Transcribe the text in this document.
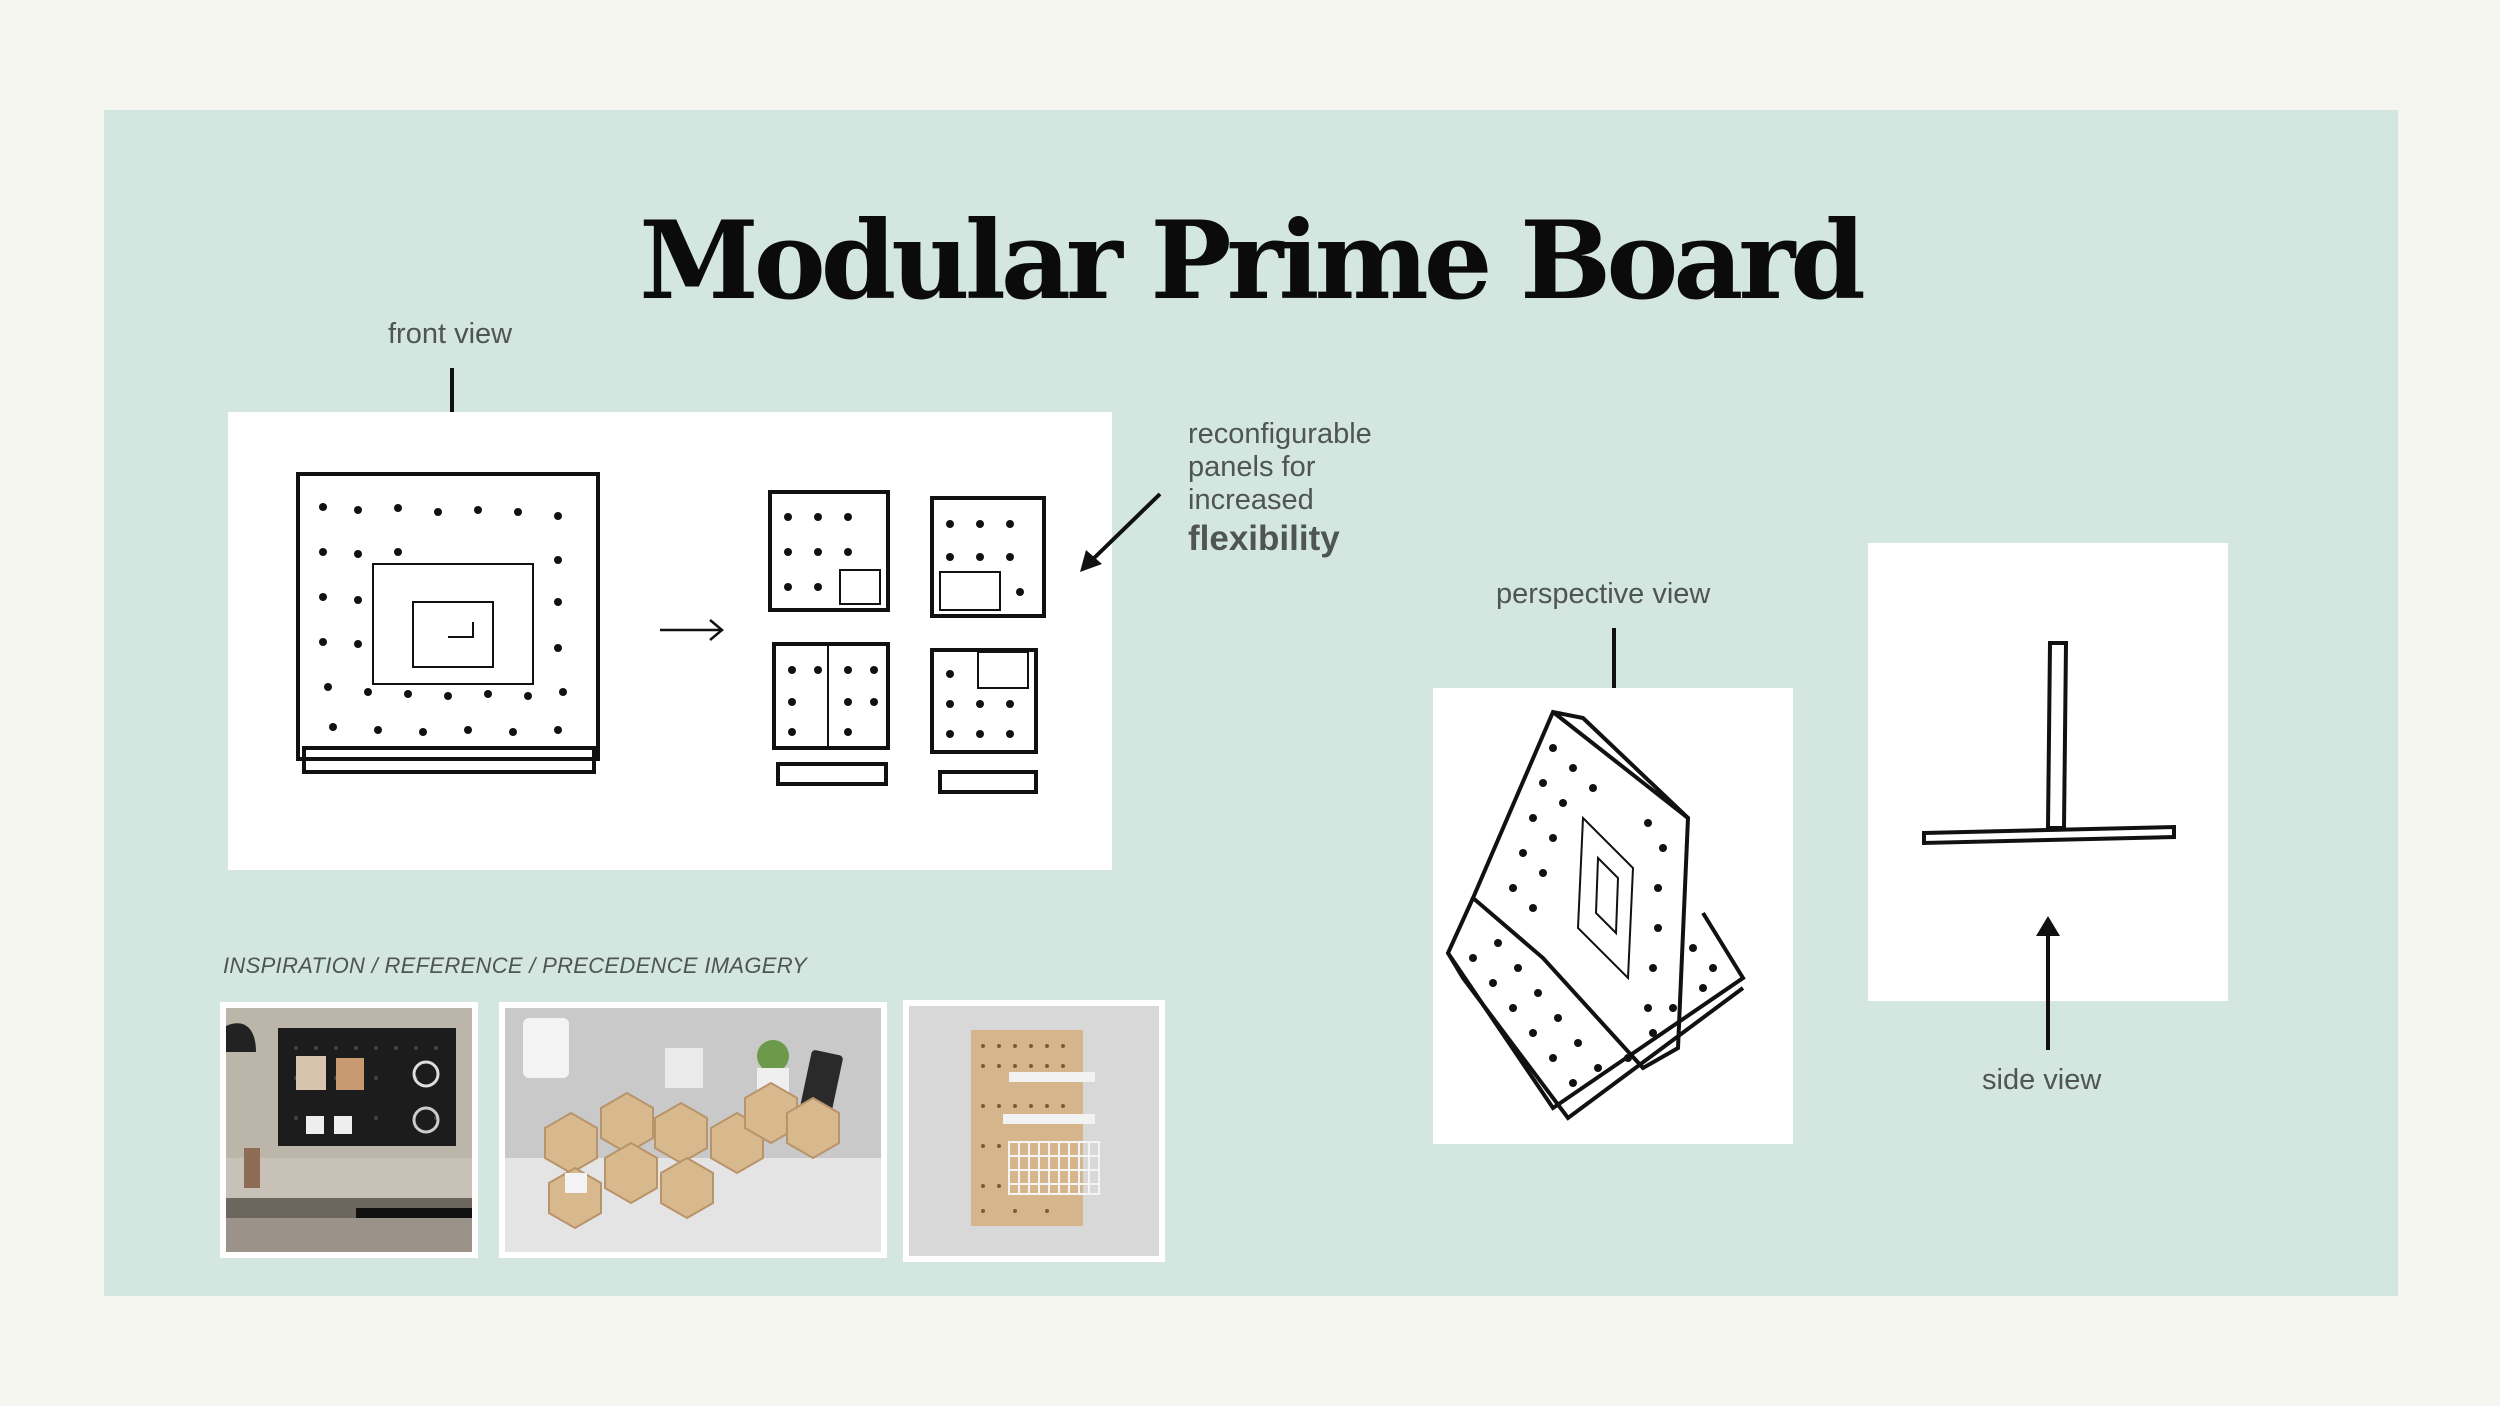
Modular Prime Board
front view
reconfigurable
panels for
increased
flexibility
perspective view
side view
INSPIRATION / REFERENCE / PRECEDENCE IMAGERY
